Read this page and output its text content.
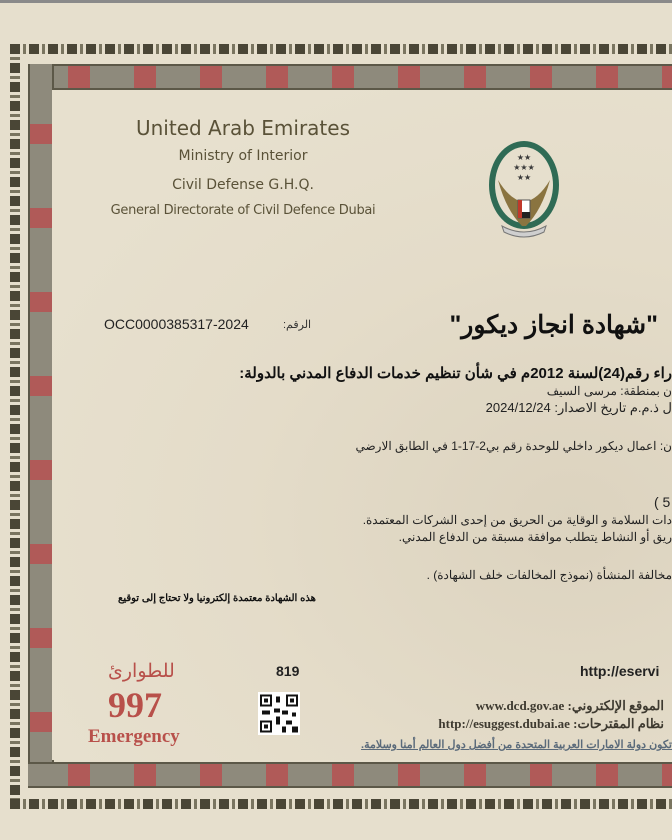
United Arab Emirates
Ministry of Interior
Civil Defense G.H.Q.
General Directorate of Civil Defence Dubai
★★
★★★
★★
"شهادة انجاز ديكور"
الرقم:
OCC0000385317-2024
راء رقم(24)لسنة 2012م في شأن تنظيم خدمات الدفاع المدني بالدولة:
ن بمنطقة: مرسى السيف
ل ذ.م.م تاريخ الاصدار: 2024/12/24
ن: اعمال ديكور داخلي للوحدة رقم بي2-17-1 في الطابق الارضي
( 5
دات السلامة و الوقاية من الحريق من إحدى الشركات المعتمدة.
ريق أو النشاط يتطلب موافقة مسبقة من الدفاع المدني.
مخالفة المنشأة (نموذج المخالفات خلف الشهادة) .
هذه الشهادة معتمدة إلكترونيا ولا تحتاج إلى توقيع
819	http://eservi
للطوارئ
997
Emergency
الموقع الإلكتروني: www.dcd.gov.ae
نظام المقترحات: http://esuggest.dubai.ae
تكون دولة الامارات العربية المتحدة من أفضل دول العالم أمنا وسلامة.
